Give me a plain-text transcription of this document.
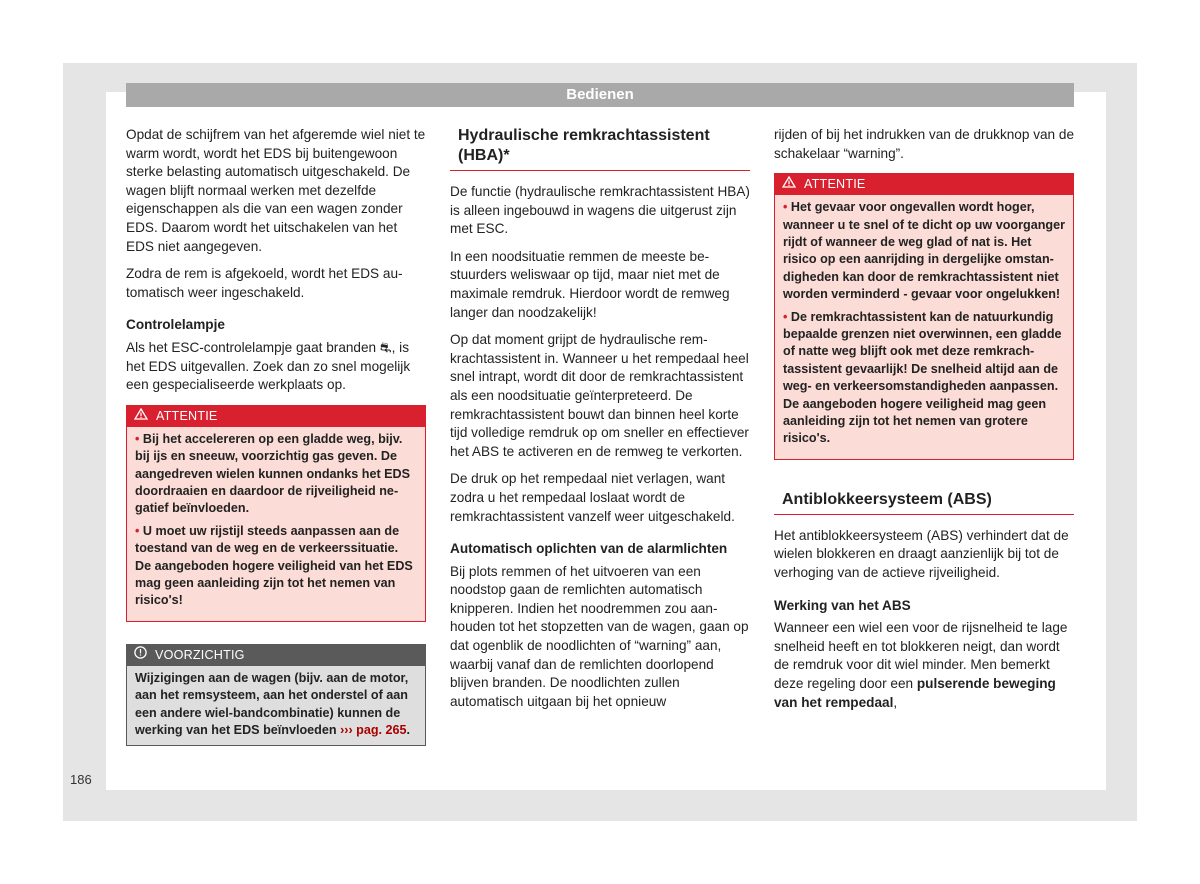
Bedienen

Opdat de schijfrem van het afgeremde wiel niet te warm wordt, wordt het EDS bij buitengewoon sterke belasting automatisch uitgeschakeld. De wagen blijft normaal werken met dezelfde eigenschappen als die van een wagen zonder EDS. Daarom wordt het uitschakelen van het EDS niet aangegeven.

Zodra de rem is afgekoeld, wordt het EDS automatisch weer ingeschakeld.

Controlelampje

Als het ESC-controlelampje gaat branden ⛐, is het EDS uitgevallen. Zoek dan zo snel mogelijk een gespecialiseerde werkplaats op.

ATTENTIE

• Bij het accelereren op een gladde weg, bijv. bij ijs en sneeuw, voorzichtig gas geven. De aangedreven wielen kunnen ondanks het EDS doordraaien en daardoor de rijveiligheid negatief beïnvloeden.

• U moet uw rijstijl steeds aanpassen aan de toestand van de weg en de verkeerssituatie. De aangeboden hogere veiligheid van het EDS mag geen aanleiding zijn tot het nemen van risico's!

VOORZICHTIG
Wijzigingen aan de wagen (bijv. aan de motor, aan het remsysteem, aan het onderstel of aan een andere wiel-bandcombinatie) kunnen de werking van het EDS beïnvloeden ››› pag. 265.
Hydraulische remkrachtassistent (HBA)*

De functie (hydraulische remkrachtassistent HBA) is alleen ingebouwd in wagens die uitgerust zijn met ESC.

In een noodsituatie remmen de meeste bestuurders weliswaar op tijd, maar niet met de maximale remdruk. Hierdoor wordt de remweg langer dan noodzakelijk!

Op dat moment grijpt de hydraulische remkrachtassistent in. Wanneer u het rempedaal heel snel intrapt, wordt dit door de remkrachtassistent als een noodsituatie geïnterpreteerd. De remkrachtassistent bouwt dan binnen heel korte tijd volledige remdruk op om sneller en effectiever het ABS te activeren en de remweg te verkorten.

De druk op het rempedaal niet verlagen, want zodra u het rempedaal loslaat wordt de remkrachtassistent vanzelf weer uitgeschakeld.

Automatisch oplichten van de alarmlichten

Bij plots remmen of het uitvoeren van een noodstop gaan de remlichten automatisch knipperen. Indien het noodremmen zou aanhouden tot het stopzetten van de wagen, gaan op dat ogenblik de noodlichten of “warning” aan, waarbij vanaf dan de remlichten doorlopend blijven branden. De noodlichten zullen automatisch uitgaan bij het opnieuw

rijden of bij het indrukken van de drukknop van de schakelaar “warning”.

ATTENTIE

• Het gevaar voor ongevallen wordt hoger, wanneer u te snel of te dicht op uw voorganger rijdt of wanneer de weg glad of nat is. Het risico op een aanrijding in dergelijke omstandigheden kan door de remkrachtassistent niet worden verminderd - gevaar voor ongelukken!

• De remkrachtassistent kan de natuurkundig bepaalde grenzen niet overwinnen, een gladde of natte weg blijft ook met deze remkrachtassistent gevaarlijk! De snelheid altijd aan de weg- en verkeersomstandigheden aanpassen. De aangeboden hogere veiligheid mag geen aanleiding zijn tot het nemen van grotere risico's.

Antiblokkeersysteem (ABS)

Het antiblokkeersysteem (ABS) verhindert dat de wielen blokkeren en draagt aanzienlijk bij tot de verhoging van de actieve rijveiligheid.

Werking van het ABS

Wanneer een wiel een voor de rijsnelheid te lage snelheid heeft en tot blokkeren neigt, dan wordt de remdruk voor dit wiel minder. Men bemerkt deze regeling door een pulserende beweging van het rempedaal,

186
